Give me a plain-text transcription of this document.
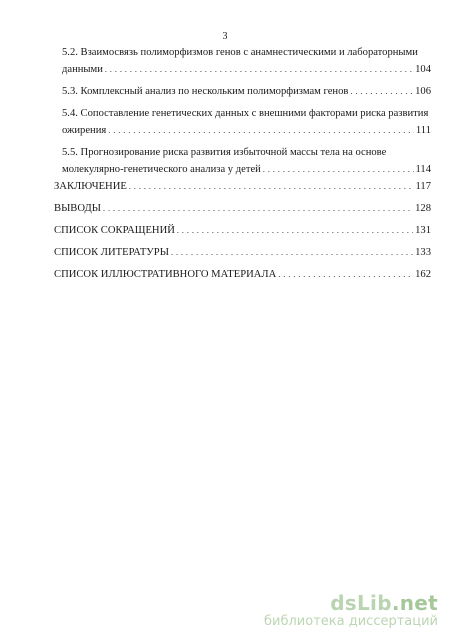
3
5.2. Взаимосвязь полиморфизмов генов с анамнестическими и лабораторными
данными . . .	104
5.3. Комплексный анализ по нескольким полиморфизмам генов . . .	106
5.4. Сопоставление генетических данных с внешними факторами риска развития
ожирения . . .	111
5.5. Прогнозирование риска развития избыточной массы тела на основе
молекулярно-генетического анализа у детей . . .	114
ЗАКЛЮЧЕНИЕ . . .	117
ВЫВОДЫ . . .	128
СПИСОК СОКРАЩЕНИЙ . . .	131
СПИСОК ЛИТЕРАТУРЫ . . .	133
СПИСОК ИЛЛЮСТРАТИВНОГО МАТЕРИАЛА . . .	162
dsLib.net
библиотека диссертаций
